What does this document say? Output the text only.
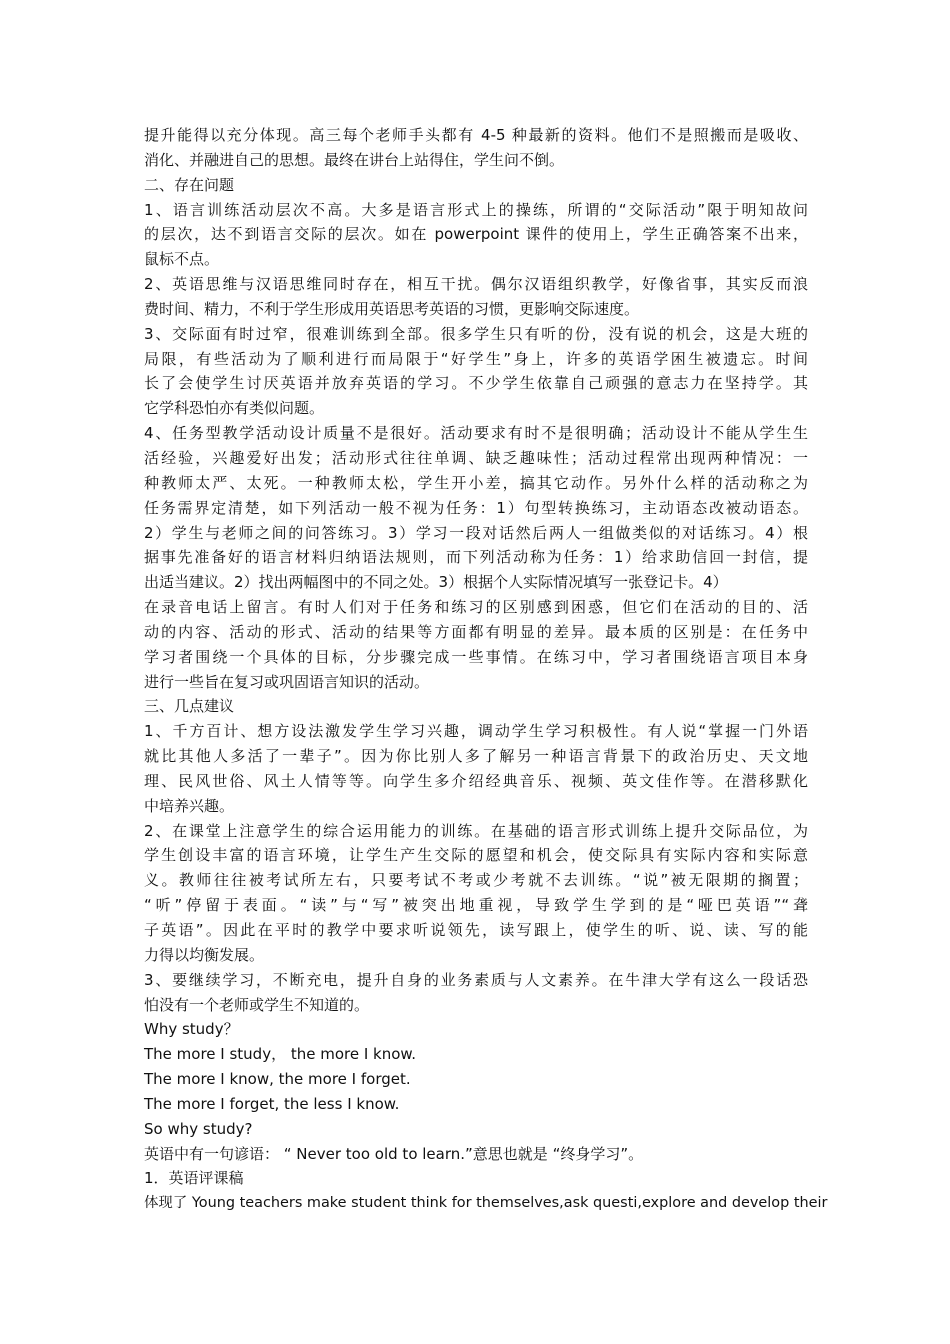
提升能得以充分体现。高三每个老师手头都有 4-5 种最新的资料。他们不是照搬而是吸收、
消化、并融进自己的思想。最终在讲台上站得住，学生问不倒。
二、存在问题
1、语言训练活动层次不高。大多是语言形式上的操练，所谓的“交际活动”限于明知故问
的层次，达不到语言交际的层次。如在 powerpoint 课件的使用上，学生正确答案不出来，
鼠标不点。
2、英语思维与汉语思维同时存在，相互干扰。偶尔汉语组织教学，好像省事，其实反而浪
费时间、精力，不利于学生形成用英语思考英语的习惯，更影响交际速度。
3、交际面有时过窄，很难训练到全部。很多学生只有听的份，没有说的机会，这是大班的
局限，有些活动为了顺利进行而局限于“好学生”身上，许多的英语学困生被遗忘。时间
长了会使学生讨厌英语并放弃英语的学习。不少学生依靠自己顽强的意志力在坚持学。其
它学科恐怕亦有类似问题。
4、任务型教学活动设计质量不是很好。活动要求有时不是很明确；活动设计不能从学生生
活经验，兴趣爱好出发；活动形式往往单调、缺乏趣味性；活动过程常出现两种情况：一
种教师太严、太死。一种教师太松，学生开小差，搞其它动作。另外什么样的活动称之为
任务需界定清楚，如下列活动一般不视为任务：1）句型转换练习，主动语态改被动语态。
2）学生与老师之间的问答练习。3）学习一段对话然后两人一组做类似的对话练习。4）根
据事先准备好的语言材料归纳语法规则，而下列活动称为任务：1）给求助信回一封信，提
出适当建议。2）找出两幅图中的不同之处。3）根据个人实际情况填写一张登记卡。4）
在录音电话上留言。有时人们对于任务和练习的区别感到困惑，但它们在活动的目的、活
动的内容、活动的形式、活动的结果等方面都有明显的差异。最本质的区别是：在任务中
学习者围绕一个具体的目标，分步骤完成一些事情。在练习中，学习者围绕语言项目本身
进行一些旨在复习或巩固语言知识的活动。
三、几点建议
1、千方百计、想方设法激发学生学习兴趣，调动学生学习积极性。有人说“掌握一门外语
就比其他人多活了一辈子”。因为你比别人多了解另一种语言背景下的政治历史、天文地
理、民风世俗、风土人情等等。向学生多介绍经典音乐、视频、英文佳作等。在潜移默化
中培养兴趣。
2、在课堂上注意学生的综合运用能力的训练。在基础的语言形式训练上提升交际品位，为
学生创设丰富的语言环境，让学生产生交际的愿望和机会，使交际具有实际内容和实际意
义。教师往往被考试所左右，只要考试不考或少考就不去训练。“说”被无限期的搁置；
“听”停留于表面。“读”与“写”被突出地重视，导致学生学到的是“哑巴英语”“聋
子英语”。因此在平时的教学中要求听说领先，读写跟上，使学生的听、说、读、写的能
力得以均衡发展。
3、要继续学习，不断充电，提升自身的业务素质与人文素养。在牛津大学有这么一段话恐
怕没有一个老师或学生不知道的。
Why study？
The more I study， the more I know.
The more I know, the more I forget.
The more I forget, the less I know.
So why study?
英语中有一句谚语： “ Never too old to learn.”意思也就是 “终身学习”。
1．英语评课稿
体现了 Young teachers make student think for themselves,ask questi,explore and develop their
